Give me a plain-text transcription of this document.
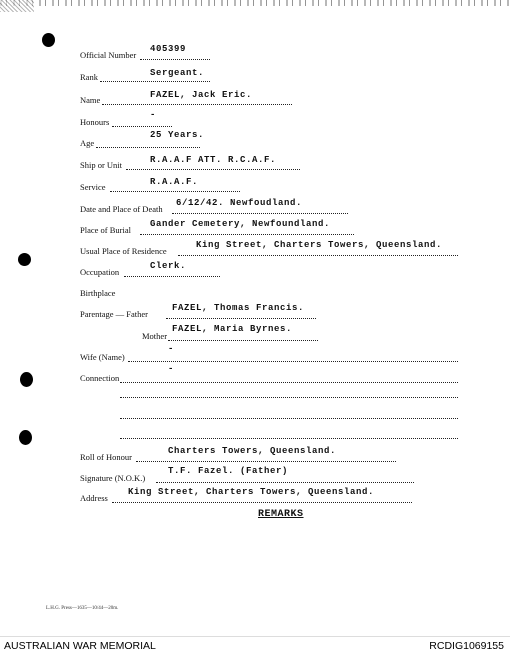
Official Number
405399
Rank	Sergeant.
Name	FAZEL, Jack Eric.
Honours
-
Age
25 Years.
Ship or Unit	R.A.A.F ATT. R.C.A.F.
Service	R.A.A.F.
Date and Place of Death
6/12/42. Newfoudland.
Place of Burial
Gander Cemetery, Newfoundland.
Usual Place of Residence
King Street, Charters Towers, Queensland.
Occupation
Clerk.
Birthplace
Parentage — Father
FAZEL, Thomas Francis.
Mother
FAZEL, Maria Byrnes.
Wife (Name)
-
Connection
-
Roll of Honour
Charters Towers, Queensland.
Signature (N.O.K.)
T.F. Fazel. (Father)
Address
King Street, Charters Towers, Queensland.
REMARKS
L.H.G. Press—1635—10/44—20m.
AUSTRALIAN WAR MEMORIAL	RCDIG1069155
